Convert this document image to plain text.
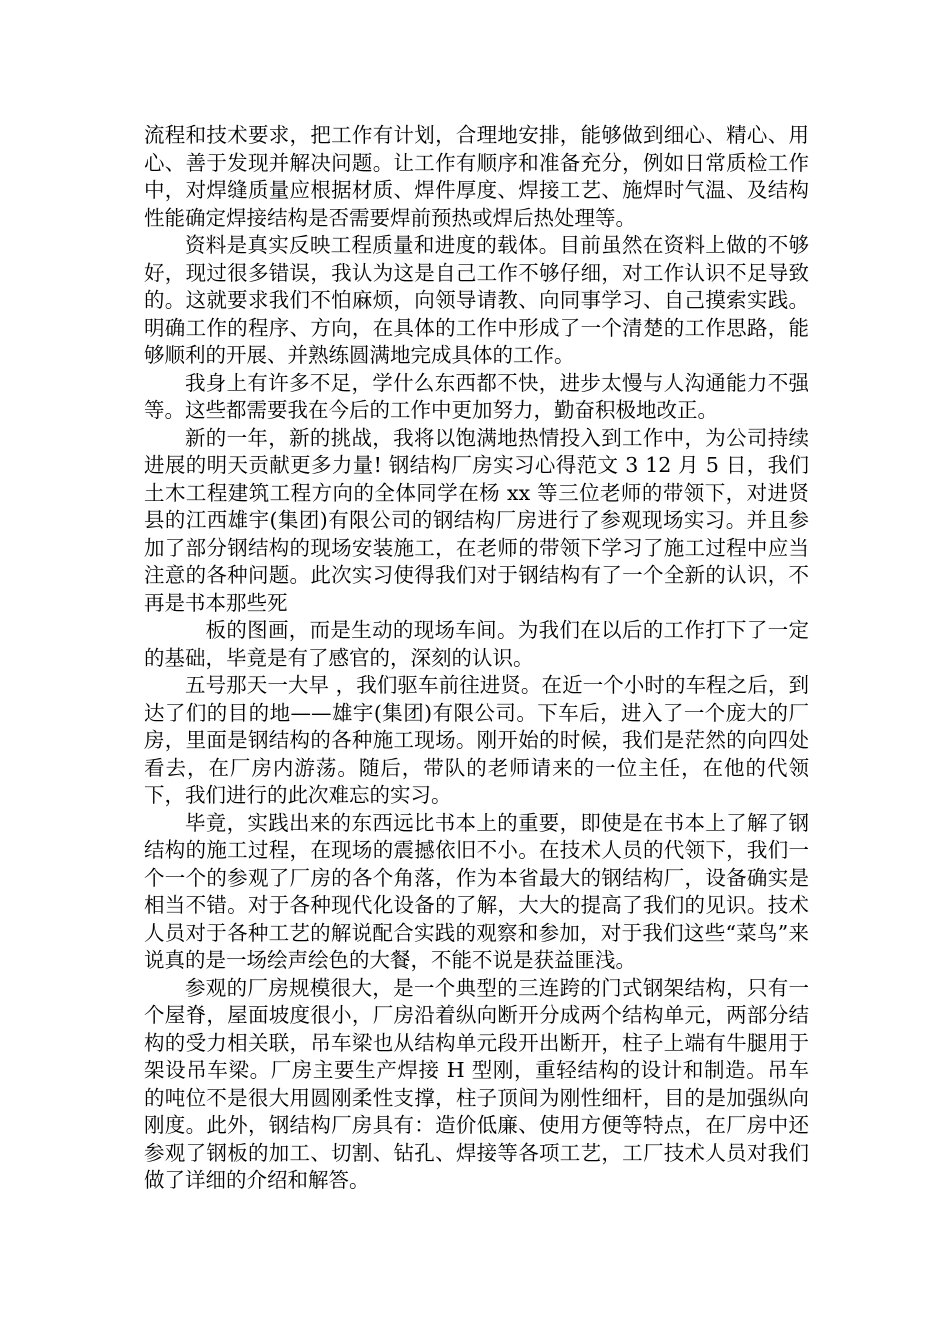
流程和技术要求，把工作有计划，合理地安排，能够做到细心、精心、用心、善于发现并解决问题。让工作有顺序和准备充分，例如日常质检工作中，对焊缝质量应根据材质、焊件厚度、焊接工艺、施焊时气温、及结构性能确定焊接结构是否需要焊前预热或焊后热处理等。

资料是真实反映工程质量和进度的载体。目前虽然在资料上做的不够好，现过很多错误，我认为这是自己工作不够仔细，对工作认识不足导致的。这就要求我们不怕麻烦，向领导请教、向同事学习、自己摸索实践。明确工作的程序、方向，在具体的工作中形成了一个清楚的工作思路，能够顺利的开展、并熟练圆满地完成具体的工作。

我身上有许多不足，学什么东西都不快，进步太慢与人沟通能力不强等。这些都需要我在今后的工作中更加努力，勤奋积极地改正。

新的一年，新的挑战，我将以饱满地热情投入到工作中，为公司持续进展的明天贡献更多力量! 钢结构厂房实习心得范文 3 12 月 5 日，我们土木工程建筑工程方向的全体同学在杨 xx 等三位老师的带领下，对进贤县的江西雄宇(集团)有限公司的钢结构厂房进行了参观现场实习。并且参加了部分钢结构的现场安装施工，在老师的带领下学习了施工过程中应当注意的各种问题。此次实习使得我们对于钢结构有了一个全新的认识，不再是书本那些死

板的图画，而是生动的现场车间。为我们在以后的工作打下了一定的基础，毕竟是有了感官的，深刻的认识。

五号那天一大早 ，我们驱车前往进贤。在近一个小时的车程之后，到达了们的目的地——雄宇(集团)有限公司。下车后，进入了一个庞大的厂房，里面是钢结构的各种施工现场。刚开始的时候，我们是茫然的向四处看去，在厂房内游荡。随后，带队的老师请来的一位主任，在他的代领下，我们进行的此次难忘的实习。

毕竟，实践出来的东西远比书本上的重要，即使是在书本上了解了钢结构的施工过程，在现场的震撼依旧不小。在技术人员的代领下，我们一个一个的参观了厂房的各个角落，作为本省最大的钢结构厂，设备确实是相当不错。对于各种现代化设备的了解，大大的提高了我们的见识。技术人员对于各种工艺的解说配合实践的观察和参加，对于我们这些“菜鸟”来说真的是一场绘声绘色的大餐，不能不说是获益匪浅。

参观的厂房规模很大，是一个典型的三连跨的门式钢架结构，只有一个屋脊，屋面坡度很小，厂房沿着纵向断开分成两个结构单元，两部分结构的受力相关联，吊车梁也从结构单元段开出断开，柱子上端有牛腿用于架设吊车梁。厂房主要生产焊接 H 型刚，重轻结构的设计和制造。吊车的吨位不是很大用圆刚柔性支撑，柱子顶间为刚性细杆，目的是加强纵向刚度。此外，钢结构厂房具有：造价低廉、使用方便等特点，在厂房中还参观了钢板的加工、切割、钻孔、焊接等各项工艺，工厂技术人员对我们做了详细的介绍和解答。
